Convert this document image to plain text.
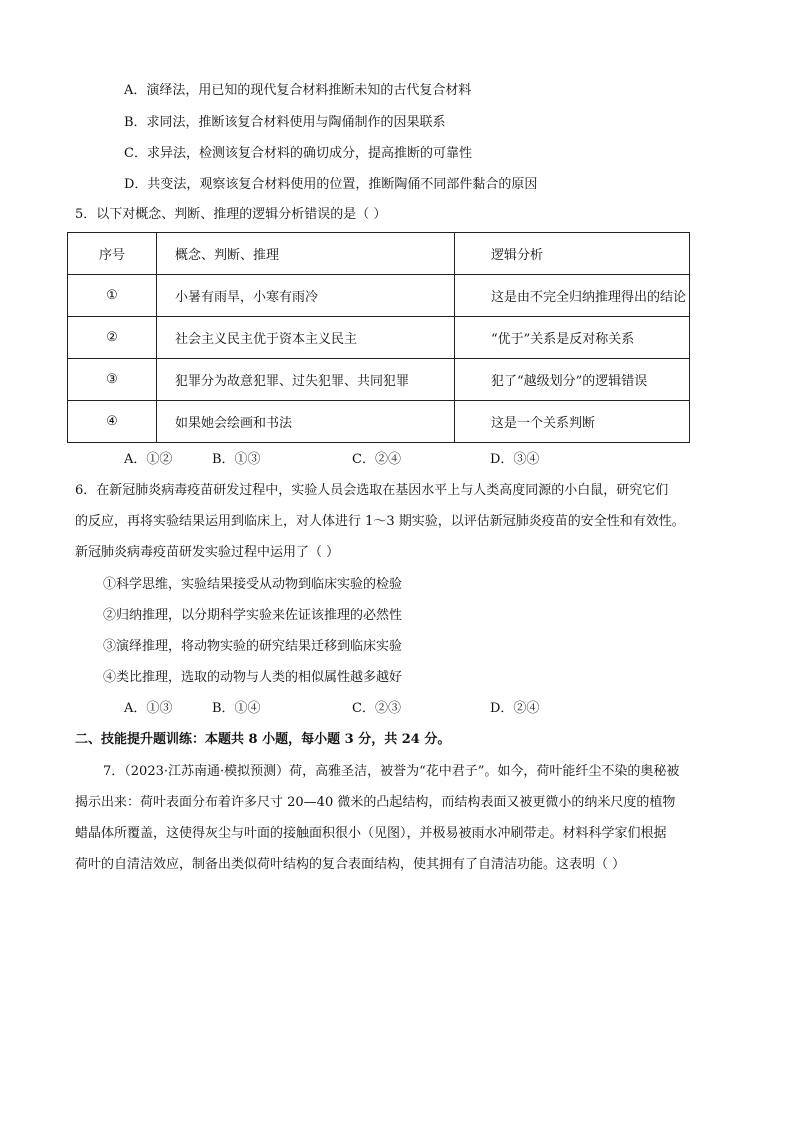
A．演绎法，用已知的现代复合材料推断未知的古代复合材料
B．求同法，推断该复合材料使用与陶俑制作的因果联系
C．求异法，检测该复合材料的确切成分，提高推断的可靠性
D．共变法，观察该复合材料使用的位置，推断陶俑不同部件黏合的原因
5．以下对概念、判断、推理的逻辑分析错误的是（ ）
序号	概念、判断、推理	逻辑分析
①	小暑有雨旱，小寒有雨冷	这是由不完全归纳推理得出的结论
②	社会主义民主优于资本主义民主	“优于”关系是反对称关系
③	犯罪分为故意犯罪、过失犯罪、共同犯罪	犯了“越级划分”的逻辑错误
④	如果她会绘画和书法	这是一个关系判断
A．①②	B．①③	C．②④	D．③④
6．在新冠肺炎病毒疫苗研发过程中，实验人员会选取在基因水平上与人类高度同源的小白鼠，研究它们
的反应，再将实验结果运用到临床上，对人体进行 1～3 期实验，以评估新冠肺炎疫苗的安全性和有效性。
新冠肺炎病毒疫苗研发实验过程中运用了（ ）
①科学思维，实验结果接受从动物到临床实验的检验
②归纳推理，以分期科学实验来佐证该推理的必然性
③演绎推理，将动物实验的研究结果迁移到临床实验
④类比推理，选取的动物与人类的相似属性越多越好
A．①③	B．①④	C．②③	D．②④
二、技能提升题训练：本题共 8 小题，每小题 3 分，共 24 分。
7．（2023·江苏南通·模拟预测）荷，高雅圣洁，被誉为“花中君子”。如今，荷叶能纤尘不染的奥秘被
揭示出来：荷叶表面分布着许多尺寸 20—40 微米的凸起结构，而结构表面又被更微小的纳米尺度的植物
蜡晶体所覆盖，这使得灰尘与叶面的接触面积很小（见图），并极易被雨水冲刷带走。材料科学家们根据
荷叶的自清洁效应，制备出类似荷叶结构的复合表面结构，使其拥有了自清洁功能。这表明（ ）
